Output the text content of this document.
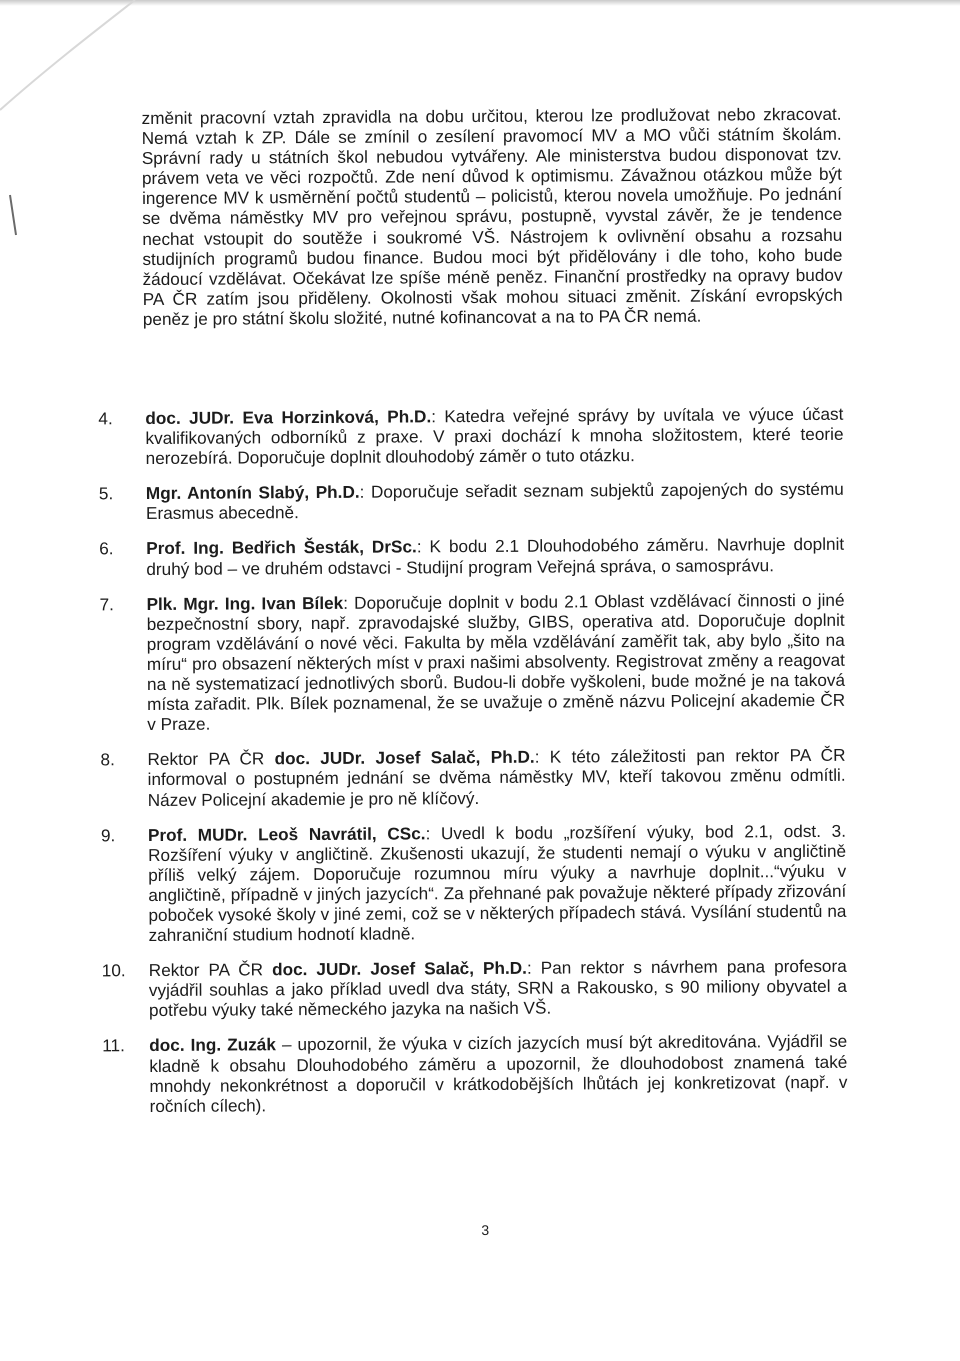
změnit pracovní vztah zpravidla na dobu určitou, kterou lze prodlužovat nebo zkracovat. Nemá vztah k ZP. Dále se zmínil o zesílení pravomocí MV a MO vůči státním školám. Správní rady u státních škol nebudou vytvářeny. Ale ministerstva budou disponovat tzv. právem veta ve věci rozpočtů. Zde není důvod k optimismu. Závažnou otázkou může být ingerence MV k usměrnění počtů studentů – policistů, kterou novela umožňuje. Po jednání se dvěma náměstky MV pro veřejnou správu, postupně, vyvstal závěr, že je tendence nechat vstoupit do soutěže i soukromé VŠ. Nástrojem k ovlivnění obsahu a rozsahu studijních programů budou finance. Budou moci být přidělovány i dle toho, koho bude žádoucí vzdělávat. Očekávat lze spíše méně peněz. Finanční prostředky na opravy budov PA ČR zatím jsou přiděleny. Okolnosti však mohou situaci změnit. Získání evropských peněz je pro státní školu složité, nutné kofinancovat a na to PA ČR nemá.

4.	doc. JUDr. Eva Horzinková, Ph.D.: Katedra veřejné správy by uvítala ve výuce účast kvalifikovaných odborníků z praxe. V praxi dochází k mnoha složitostem, které teorie nerozebírá. Doporučuje doplnit dlouhodobý záměr o tuto otázku.
5.	Mgr. Antonín Slabý, Ph.D.: Doporučuje seřadit seznam subjektů zapojených do systému Erasmus abecedně.
6.	Prof. Ing. Bedřich Šesták, DrSc.: K bodu 2.1 Dlouhodobého záměru. Navrhuje doplnit druhý bod – ve druhém odstavci - Studijní program Veřejná správa, o samosprávu.
7.	Plk. Mgr. Ing. Ivan Bílek: Doporučuje doplnit v bodu 2.1 Oblast vzdělávací činnosti o jiné bezpečnostní sbory, např. zpravodajské služby, GIBS, operativa atd. Doporučuje doplnit program vzdělávání o nové věci. Fakulta by měla vzdělávání zaměřit tak, aby bylo „šito na míru“ pro obsazení některých míst v praxi našimi absolventy. Registrovat změny a reagovat na ně systematizací jednotlivých sborů. Budou-li dobře vyškoleni, bude možné je na taková místa zařadit. Plk. Bílek poznamenal, že se uvažuje o změně názvu Policejní akademie ČR v Praze.
8.	Rektor PA ČR doc. JUDr. Josef Salač, Ph.D.: K této záležitosti pan rektor PA ČR informoval o postupném jednání se dvěma náměstky MV, kteří takovou změnu odmítli. Název Policejní akademie je pro ně klíčový.
9.	Prof. MUDr. Leoš Navrátil, CSc.: Uvedl k bodu „rozšíření výuky, bod 2.1, odst. 3. Rozšíření výuky v angličtině. Zkušenosti ukazují, že studenti nemají o výuku v angličtině příliš velký zájem. Doporučuje rozumnou míru výuky a navrhuje doplnit...“výuku v angličtině, případně v jiných jazycích“. Za přehnané pak považuje některé případy zřizování poboček vysoké školy v jiné zemi, což se v některých případech stává. Vysílání studentů na zahraniční studium hodnotí kladně.
10.	Rektor PA ČR doc. JUDr. Josef Salač, Ph.D.: Pan rektor s návrhem pana profesora vyjádřil souhlas a jako příklad uvedl dva státy, SRN a Rakousko, s 90 miliony obyvatel a potřebu výuky také německého jazyka na našich VŠ.
11.	doc. Ing. Zuzák – upozornil, že výuka v cizích jazycích musí být akreditována. Vyjádřil se kladně k obsahu Dlouhodobého záměru a upozornil, že dlouhodobost znamená také mnohdy nekonkrétnost a doporučil v krátkodobějších lhůtách jej konkretizovat (např. v ročních cílech).
3
